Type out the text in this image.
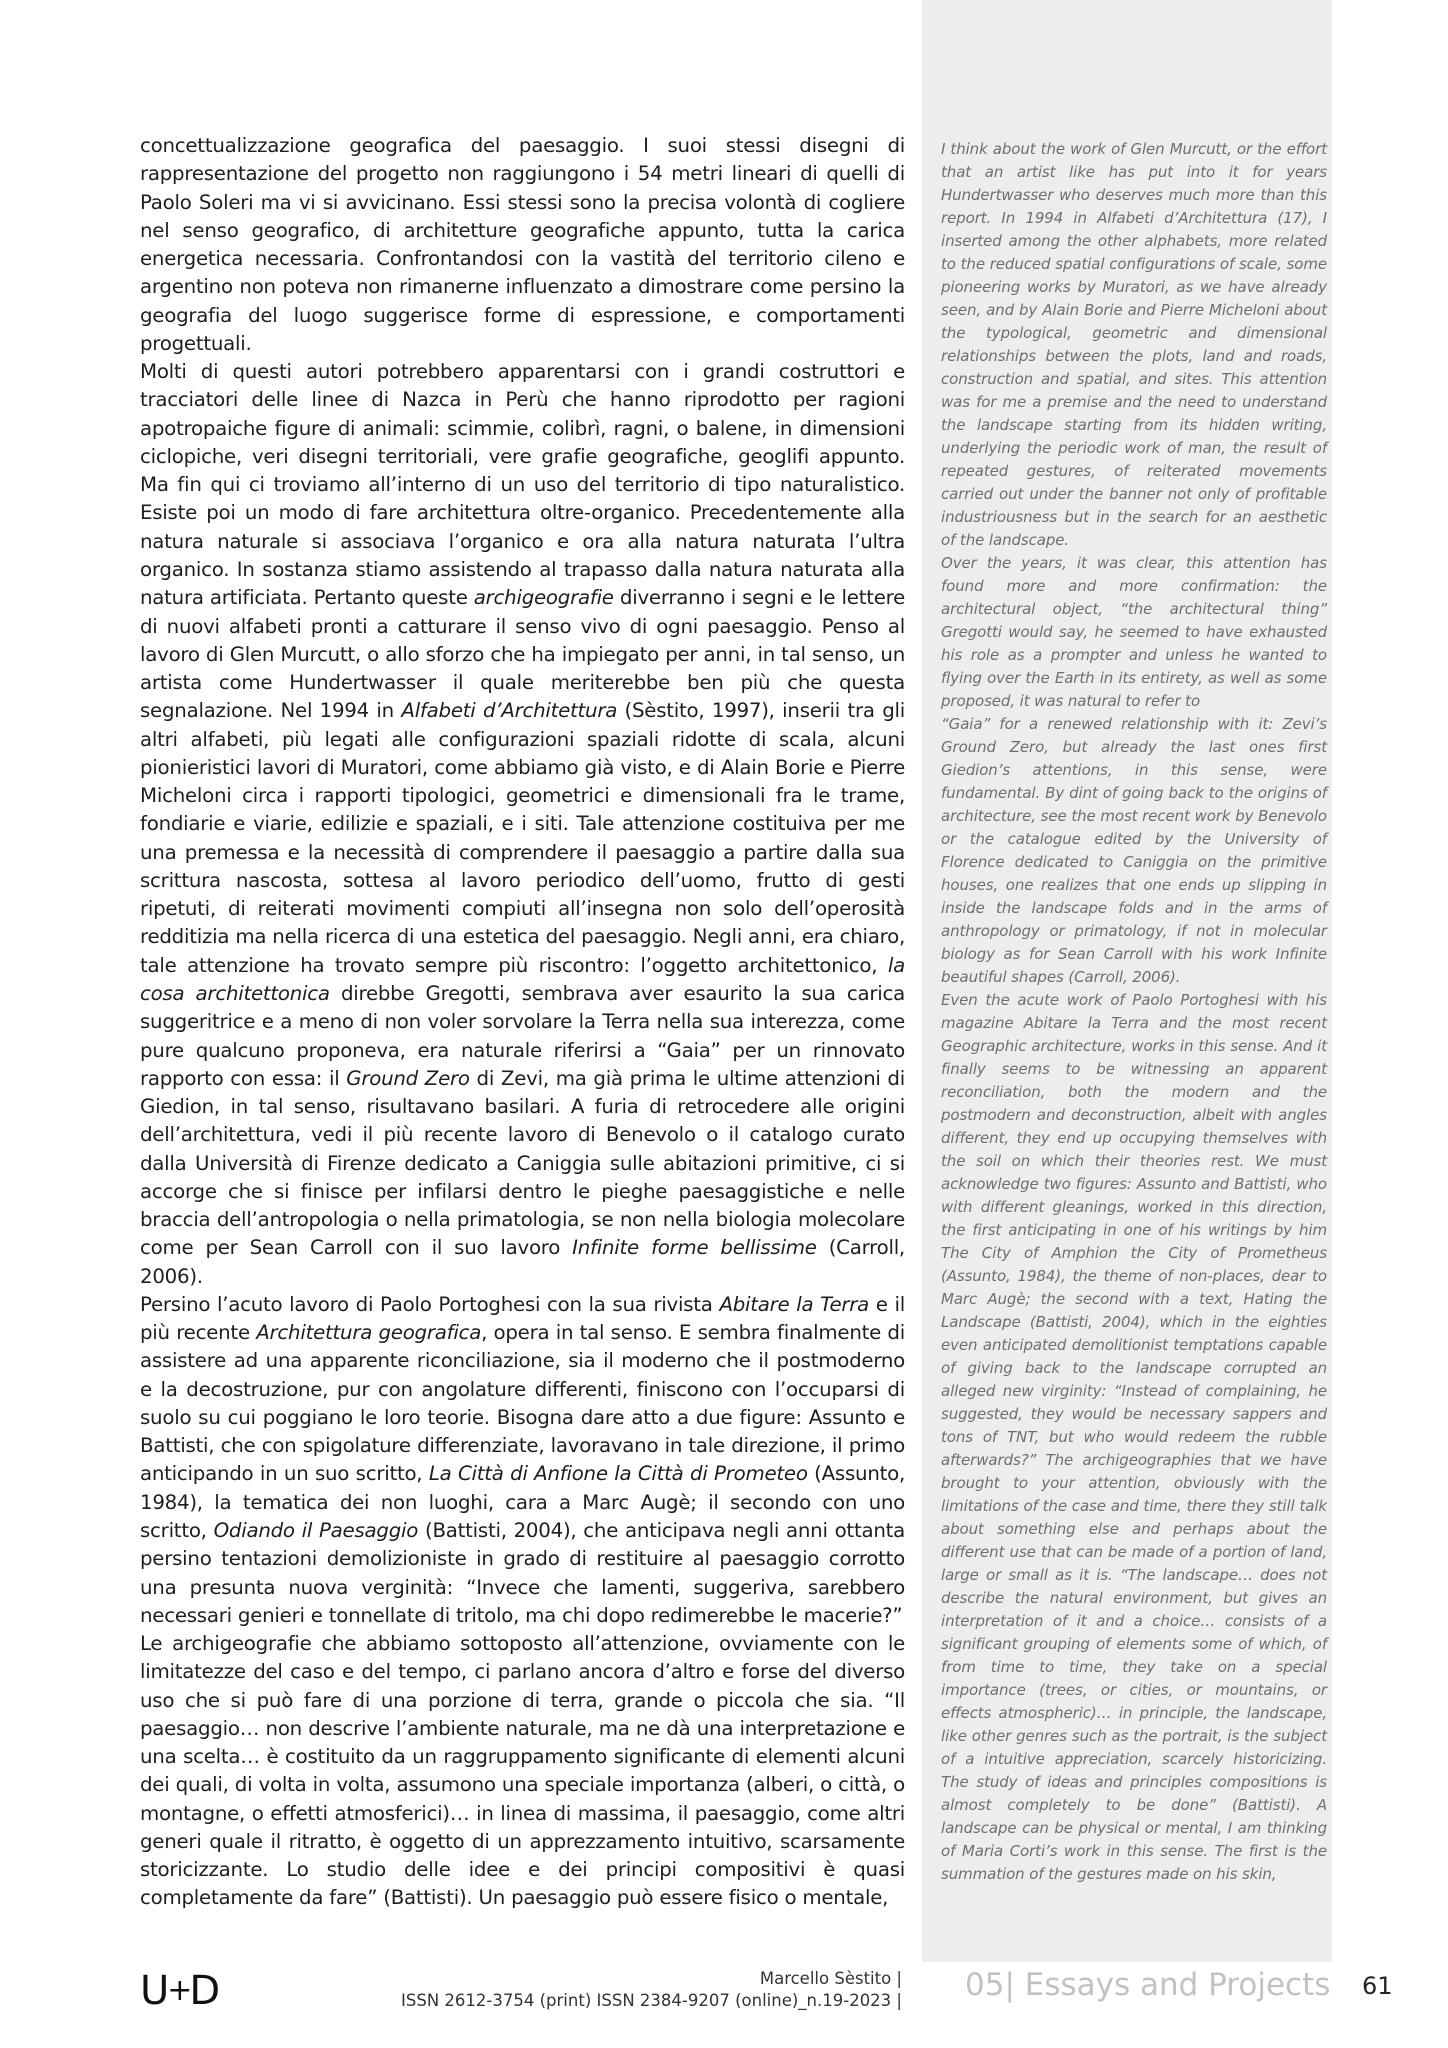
concettualizzazione geografica del paesaggio. I suoi stessi disegni di rappresentazione del progetto non raggiungono i 54 metri lineari di quelli di Paolo Soleri ma vi si avvicinano. Essi stessi sono la precisa volontà di cogliere nel senso geografico, di architetture geografiche appunto, tutta la carica energetica necessaria. Confrontandosi con la vastità del territorio cileno e argentino non poteva non rimanerne influenzato a dimostrare come persino la geografia del luogo suggerisce forme di espressione, e comportamenti progettuali.

Molti di questi autori potrebbero apparentarsi con i grandi costruttori e tracciatori delle linee di Nazca in Perù che hanno riprodotto per ragioni apotropaiche figure di animali: scimmie, colibrì, ragni, o balene, in dimensioni ciclopiche, veri disegni territoriali, vere grafie geografiche, geoglifi appunto. Ma fin qui ci troviamo all’interno di un uso del territorio di tipo naturalistico. Esiste poi un modo di fare architettura oltre-organico. Precedentemente alla natura naturale si associava l’organico e ora alla natura naturata l’ultra organico. In sostanza stiamo assistendo al trapasso dalla natura naturata alla natura artificiata. Pertanto queste archigeografie diverranno i segni e le lettere di nuovi alfabeti pronti a catturare il senso vivo di ogni paesaggio. Penso al lavoro di Glen Murcutt, o allo sforzo che ha impiegato per anni, in tal senso, un artista come Hundertwasser il quale meriterebbe ben più che questa segnalazione. Nel 1994 in Alfabeti d’Architettura (Sèstito, 1997), inserii tra gli altri alfabeti, più legati alle configurazioni spaziali ridotte di scala, alcuni pionieristici lavori di Muratori, come abbiamo già visto, e di Alain Borie e Pierre Micheloni circa i rapporti tipologici, geometrici e dimensionali fra le trame, fondiarie e viarie, edilizie e spaziali, e i siti. Tale attenzione costituiva per me una premessa e la necessità di comprendere il paesaggio a partire dalla sua scrittura nascosta, sottesa al lavoro periodico dell’uomo, frutto di gesti ripetuti, di reiterati movimenti compiuti all’insegna non solo dell’operosità redditizia ma nella ricerca di una estetica del paesaggio. Negli anni, era chiaro, tale attenzione ha trovato sempre più riscontro: l’oggetto architettonico, la cosa architettonica direbbe Gregotti, sembrava aver esaurito la sua carica suggeritrice e a meno di non voler sorvolare la Terra nella sua interezza, come pure qualcuno proponeva, era naturale riferirsi a “Gaia” per un rinnovato rapporto con essa: il Ground Zero di Zevi, ma già prima le ultime attenzioni di Giedion, in tal senso, risultavano basilari. A furia di retrocedere alle origini dell’architettura, vedi il più recente lavoro di Benevolo o il catalogo curato dalla Università di Firenze dedicato a Caniggia sulle abitazioni primitive, ci si accorge che si finisce per infilarsi dentro le pieghe paesaggistiche e nelle braccia dell’antropologia o nella primatologia, se non nella biologia molecolare come per Sean Carroll con il suo lavoro Infinite forme bellissime (Carroll, 2006).

Persino l’acuto lavoro di Paolo Portoghesi con la sua rivista Abitare la Terra e il più recente Architettura geografica, opera in tal senso. E sembra finalmente di assistere ad una apparente riconciliazione, sia il moderno che il postmoderno e la decostruzione, pur con angolature differenti, finiscono con l’occuparsi di suolo su cui poggiano le loro teorie. Bisogna dare atto a due figure: Assunto e Battisti, che con spigolature differenziate, lavoravano in tale direzione, il primo anticipando in un suo scritto, La Città di Anfione la Città di Prometeo (Assunto, 1984), la tematica dei non luoghi, cara a Marc Augè; il secondo con uno scritto, Odiando il Paesaggio (Battisti, 2004), che anticipava negli anni ottanta persino tentazioni demolizioniste in grado di restituire al paesaggio corrotto una presunta nuova verginità: “Invece che lamenti, suggeriva, sarebbero necessari genieri e tonnellate di tritolo, ma chi dopo redimerebbe le macerie?”

Le archigeografie che abbiamo sottoposto all’attenzione, ovviamente con le limitatezze del caso e del tempo, ci parlano ancora d’altro e forse del diverso uso che si può fare di una porzione di terra, grande o piccola che sia. “Il paesaggio… non descrive l’ambiente naturale, ma ne dà una interpretazione e una scelta… è costituito da un raggruppamento significante di elementi alcuni dei quali, di volta in volta, assumono una speciale importanza (alberi, o città, o montagne, o effetti atmosferici)… in linea di massima, il paesaggio, come altri generi quale il ritratto, è oggetto di un apprezzamento intuitivo, scarsamente storicizzante. Lo studio delle idee e dei principi compositivi è quasi completamente da fare” (Battisti). Un paesaggio può essere fisico o mentale,

I think about the work of Glen Murcutt, or the effort that an artist like has put into it for years Hundertwasser who deserves much more than this report. In 1994 in Alfabeti d’Architettura (17), I inserted among the other alphabets, more related to the reduced spatial configurations of scale, some pioneering works by Muratori, as we have already seen, and by Alain Borie and Pierre Micheloni about the typological, geometric and dimensional relationships between the plots, land and roads, construction and spatial, and sites. This attention was for me a premise and the need to understand the landscape starting from its hidden writing, underlying the periodic work of man, the result of repeated gestures, of reiterated movements carried out under the banner not only of profitable industriousness but in the search for an aesthetic of the landscape.

Over the years, it was clear, this attention has found more and more confirmation: the architectural object, “the architectural thing” Gregotti would say, he seemed to have exhausted his role as a prompter and unless he wanted to flying over the Earth in its entirety, as well as some proposed, it was natural to refer to

“Gaia” for a renewed relationship with it: Zevi’s Ground Zero, but already the last ones first Giedion’s attentions, in this sense, were fundamental. By dint of going back to the origins of architecture, see the most recent work by Benevolo or the catalogue edited by the University of Florence dedicated to Caniggia on the primitive houses, one realizes that one ends up slipping in inside the landscape folds and in the arms of anthropology or primatology, if not in molecular biology as for Sean Carroll with his work Infinite beautiful shapes (Carroll, 2006).

Even the acute work of Paolo Portoghesi with his magazine Abitare la Terra and the most recent Geographic architecture, works in this sense. And it finally seems to be witnessing an apparent reconciliation, both the modern and the postmodern and deconstruction, albeit with angles different, they end up occupying themselves with the soil on which their theories rest. We must acknowledge two figures: Assunto and Battisti, who with different gleanings, worked in this direction, the first anticipating in one of his writings by him The City of Amphion the City of Prometheus (Assunto, 1984), the theme of non-places, dear to Marc Augè; the second with a text, Hating the Landscape (Battisti, 2004), which in the eighties even anticipated demolitionist temptations capable of giving back to the landscape corrupted an alleged new virginity: “Instead of complaining, he suggested, they would be necessary sappers and tons of TNT, but who would redeem the rubble afterwards?” The archigeographies that we have brought to your attention, obviously with the limitations of the case and time, there they still talk about something else and perhaps about the different use that can be made of a portion of land, large or small as it is. “The landscape… does not describe the natural environment, but gives an interpretation of it and a choice… consists of a significant grouping of elements some of which, of from time to time, they take on a special importance (trees, or cities, or mountains, or effects atmospheric)… in principle, the landscape, like other genres such as the portrait, is the subject of a intuitive appreciation, scarcely historicizing. The study of ideas and principles compositions is almost completely to be done” (Battisti). A landscape can be physical or mental, I am thinking of Maria Corti’s work in this sense. The first is the summation of the gestures made on his skin,

U+D	Marcello Sèstito |
ISSN 2612-3754 (print) ISSN 2384-9207 (online)_n.19-2023 | 05| Essays and Projects 61
